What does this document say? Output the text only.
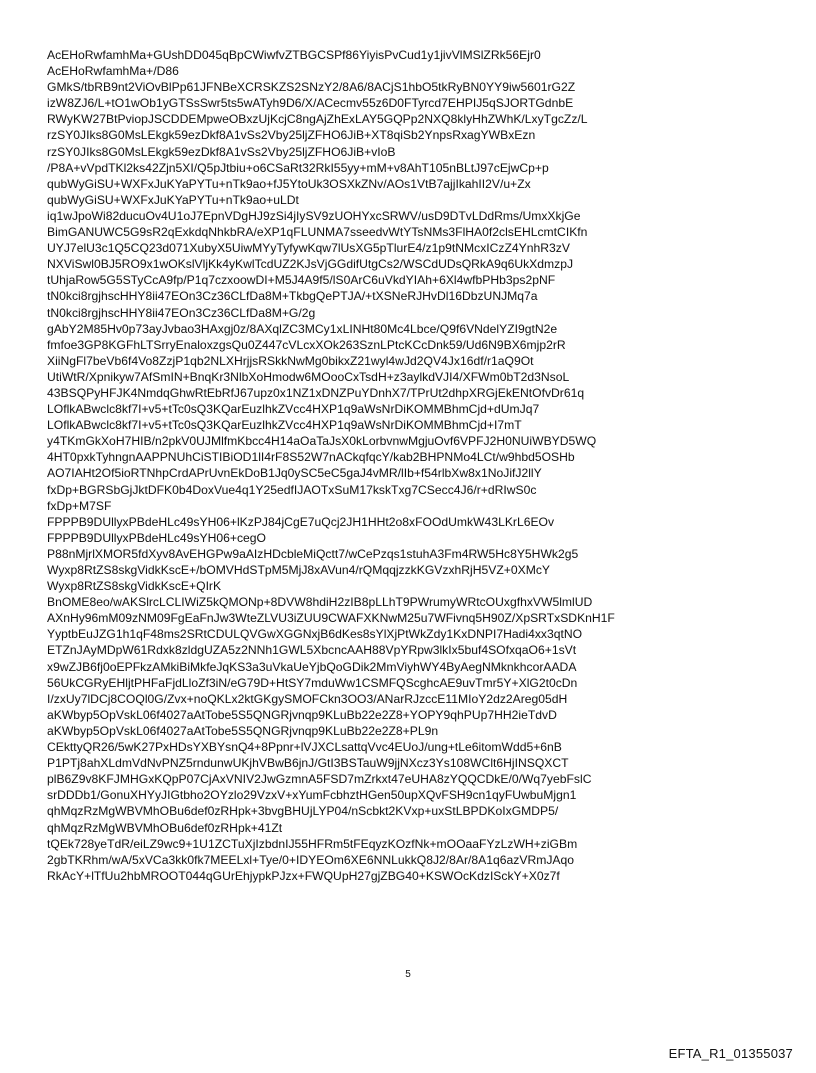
AcEHoRwfamhMa+GUshDD045qBpCWiwfvZTBGCSPf86YiyisPvCud1y1jivVlMSlZRk56Ejr0
AcEHoRwfamhMa+/D86
GMkS/tbRB9nt2ViOvBlPp61JFNBeXCRSKZS2SNzY2/8A6/8ACjS1hbO5tkRyBN0YY9iw5601rG2Z
izW8ZJ6/L+tO1wOb1yGTSsSwr5ts5wATyh9D6/X/ACecmv55z6D0FTyrcd7EHPIJ5qSJORTGdnbE
RWyKW27BtPviopJSCDDEMpweOBxzUjKcjC8ngAjZhExLAY5GQPp2NXQ8klyHhZWhK/LxyTgcZz/L
rzSY0JIks8G0MsLEkgk59ezDkf8A1vSs2Vby25ljZFHO6JiB+XT8qiSb2YnpsRxagYWBxEzn
rzSY0JIks8G0MsLEkgk59ezDkf8A1vSs2Vby25ljZFHO6JiB+vIoB
/P8A+vVpdTKl2ks42Zjn5XI/Q5pJtbiu+o6CSaRt32RkI55yy+mM+v8AhT105nBLtJ97cEjwCp+p
qubWyGiSU+WXFxJuKYaPYTu+nTk9ao+fJ5YtoUk3OSXkZNv/AOs1VtB7ajjIkahII2V/u+Zx
qubWyGiSU+WXFxJuKYaPYTu+nTk9ao+uLDt
iq1wJpoWi82ducuOv4U1oJ7EpnVDgHJ9zSi4jIySV9zUOHYxcSRWV/usD9DTvLDdRms/UmxXkjGe
BimGANUWC5G9sR2qExkdqNhkbRA/eXP1qFLUNMA7sseedvWtYTsNMs3FlHA0f2clsEHLcmtCIKfn
UYJ7elU3c1Q5CQ23d071XubyX5UiwMYyTyfywKqw7lUsXG5pTlurE4/z1p9tNMcxICzZ4YnhR3zV
NXViSwl0BJ5RO9x1wOKslVljKk4yKwlTcdUZ2KJsVjGGdifUtgCs2/WSCdUDsQRkA9q6UkXdmzpJ
tUhjaRow5G5STyCcA9fp/P1q7czxoowDI+M5J4A9f5/lS0ArC6uVkdYIAh+6Xl4wfbPHb3ps2pNF
tN0kci8rgjhscHHY8ii47EOn3Cz36CLfDa8M+TkbgQePTJA/+tXSNeRJHvDl16DbzUNJMq7a
tN0kci8rgjhscHHY8ii47EOn3Cz36CLfDa8M+G/2g
gAbY2M85Hv0p73ayJvbao3HAxgj0z/8AXqlZC3MCy1xLINHt80Mc4Lbce/Q9f6VNdelYZI9gtN2e
fmfoe3GP8KGFhLTSrryEnaloxzgsQu0Z447cVLcxXOk263SznLPtcKCcDnk59/Ud6N9BX6mjp2rR
XiiNgFl7beVb6f4Vo8ZzjP1qb2NLXHrjjsRSkkNwMg0bikxZ21wyl4wJd2QV4Jx16df/r1aQ9Ot
UtiWtR/Xpnikyw7AfSmIN+BnqKr3NlbXoHmodw6MOooCxTsdH+z3aylkdVJI4/XFWm0bT2d3NsoL
43BSQPyHFJK4NmdqGhwRtEbRfJ67upz0x1NZ1xDNZPuYDnhX7/TPrUt2dhpXRGjEkENtOfvDr61q
LOflkABwclc8kf7I+v5+tTc0sQ3KQarEuzlhkZVcc4HXP1q9aWsNrDiKOMMBhmCjd+dUmJq7
LOflkABwclc8kf7I+v5+tTc0sQ3KQarEuzlhkZVcc4HXP1q9aWsNrDiKOMMBhmCjd+I7mT
y4TKmGkXoH7HIB/n2pkV0UJMlfmKbcc4H14aOaTaJsX0kLorbvnwMgjuOvf6VPFJ2H0NUiWBYD5WQ
4HT0pxkTyhngnAAPPNUhCiSTIBiOD1lI4rF8S52W7nACkqfqcY/kab2BHPNMo4LCt/w9hbd5OSHb
AO7IAHt2Of5ioRTNhpCrdAPrUvnEkDoB1Jq0ySC5eC5gaJ4vMR/lIb+f54rlbXw8x1NoJifJ2llY
fxDp+BGRSbGjJktDFK0b4DoxVue4q1Y25edfIJAOTxSuM17kskTxg7CSecc4J6/r+dRIwS0c
fxDp+M7SF
FPPPB9DUllyxPBdeHLc49sYH06+lKzPJ84jCgE7uQcj2JH1HHt2o8xFOOdUmkW43LKrL6EOv
FPPPB9DUllyxPBdeHLc49sYH06+cegO
P88nMjrlXMOR5fdXyv8AvEHGPw9aAIzHDcbleMiQctt7/wCePzqs1stuhA3Fm4RW5Hc8Y5HWk2g5
Wyxp8RtZS8skgVidkKscE+/bOMVHdSTpM5MjJ8xAVun4/rQMqqjzzkKGVzxhRjH5VZ+0XMcY
Wyxp8RtZS8skgVidkKscE+QIrK
BnOME8eo/wAKSlrcLCLIWiZ5kQMONp+8DVW8hdiH2zIB8pLLhT9PWrumyWRtcOUxgfhxVW5lmlUD
AXnHy96mM09zNM09FgEaFnJw3WteZLVU3iZUU9CWAFXKNwM25u7WFivnq5H90Z/XpSRTxSDKnH1F
YyptbEuJZG1h1qF48ms2SRtCDULQVGwXGGNxjB6dKes8sYlXjPtWkZdy1KxDNPI7Hadi4xx3qtNO
ETZnJAyMDpW61Rdxk8zldgUZA5z2NNh1GWL5XbcncAAH88VpYRpw3lkIx5buf4SOfxqaO6+1sVt
x9wZJB6fj0oEPFkzAMkiBiMkfeJqKS3a3uVkaUeYjbQoGDik2MmViyhWY4ByAegNMknkhcorAADA
56UkCGRyEHljtPHFaFjdLloZf3iN/eG79D+HtSY7mduWw1CSMFQScghcAE9uvTmr5Y+XlG2t0cDn
I/zxUy7lDCj8COQl0G/Zvx+noQKLx2ktGKgySMOFCkn3OO3/ANarRJzccE11MIoY2dz2Areg05dH
aKWbyp5OpVskL06f4027aAtTobe5S5QNGRjvnqp9KLuBb22e2Z8+YOPY9qhPUp7HH2ieTdvD
aKWbyp5OpVskL06f4027aAtTobe5S5QNGRjvnqp9KLuBb22e2Z8+PL9n
CEkttyQR26/5wK27PxHDsYXBYsnQ4+8Ppnr+lVJXCLsattqVvc4EUoJ/ung+tLe6itomWdd5+6nB
P1PTj8ahXLdmVdNvPNZ5rndunwUKjhVBwB6jnJ/GtI3BSTauW9jjNXcz3Ys108WClt6HjINSQXCT
plB6Z9v8KFJMHGxKQpP07CjAxVNIV2JwGzmnA5FSD7mZrkxt47eUHA8zYQQCDkE/0/Wq7yebFslC
srDDDb1/GonuXHYyJIGtbho2OYzlo29VzxV+xYumFcbhztHGen50upXQvFSH9cn1qyFUwbuMjgn1
qhMqzRzMgWBVMhOBu6def0zRHpk+3bvgBHUjLYP04/nScbkt2KVxp+uxStLBPDKoIxGMDP5/
qhMqzRzMgWBVMhOBu6def0zRHpk+41Zt
tQEk728yeTdR/eiLZ9wc9+1U1ZCTuXjIzbdnIJ55HFRm5tFEqyzKOzfNk+mOOaaFYzLzWH+ziGBm
2gbTKRhm/wA/5xVCa3kk0fk7MEELxl+Tye/0+IDYEOm6XE6NNLukkQ8J2/8Ar/8A1q6azVRmJAqo
RkAcY+lTfUu2hbMROOT044qGUrEhjypkPJzx+FWQUpH27gjZBG40+KSWOcKdzISckY+X0z7f
5
EFTA_R1_01355037
